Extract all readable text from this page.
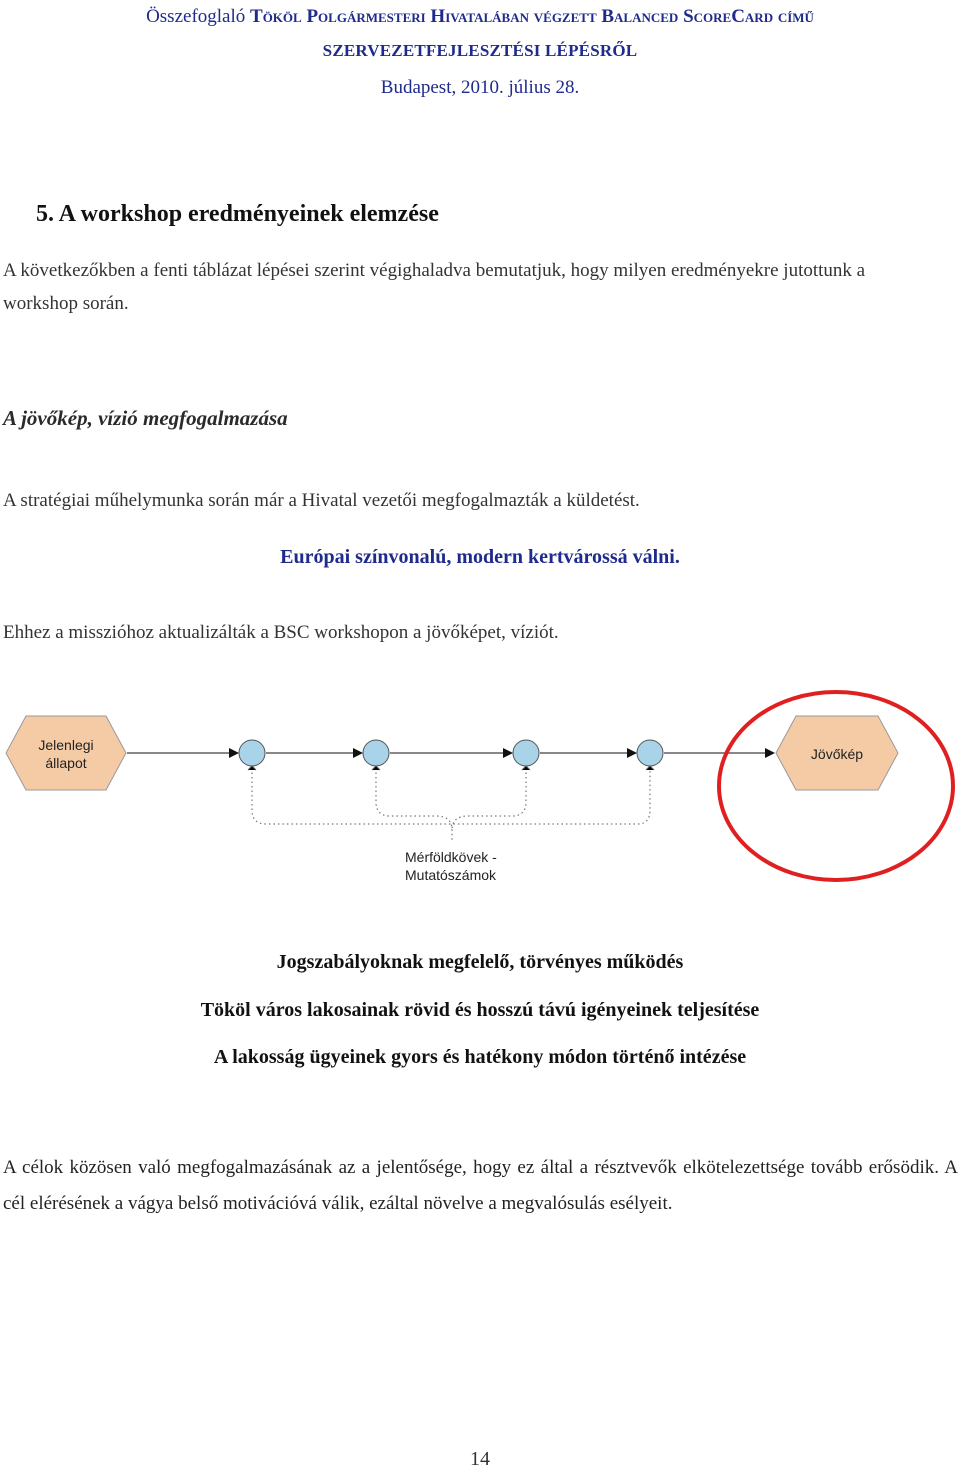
Összefoglaló Tököl Polgármesteri Hivatalában végzett Balanced ScoreCard című
SZERVEZETFEJLESZTÉSI LÉPÉSRŐL
Budapest, 2010. július 28.
5. A workshop eredményeinek elemzése
A következőkben a fenti táblázat lépései szerint végighaladva bemutatjuk, hogy milyen eredményekre jutottunk a workshop során.
A jövőkép, vízió megfogalmazása
A stratégiai műhelymunka során már a Hivatal vezetői megfogalmazták a küldetést.
Európai színvonalú, modern kertvárossá válni.
Ehhez a misszióhoz aktualizálták a BSC workshopon a jövőképet, víziót.
Jelenlegi
állapot
Mérföldkövek -
Mutatószámok
Jövőkép
Jogszabályoknak megfelelő, törvényes működés
Tököl város lakosainak rövid és hosszú távú igényeinek teljesítése
A lakosság ügyeinek gyors és hatékony módon történő intézése
A célok közösen való megfogalmazásának az a jelentősége, hogy ez által a résztvevők elkötelezettsége tovább erősödik. A cél elérésének a vágya belső motivációvá válik, ezáltal növelve a megvalósulás esélyeit.
14
